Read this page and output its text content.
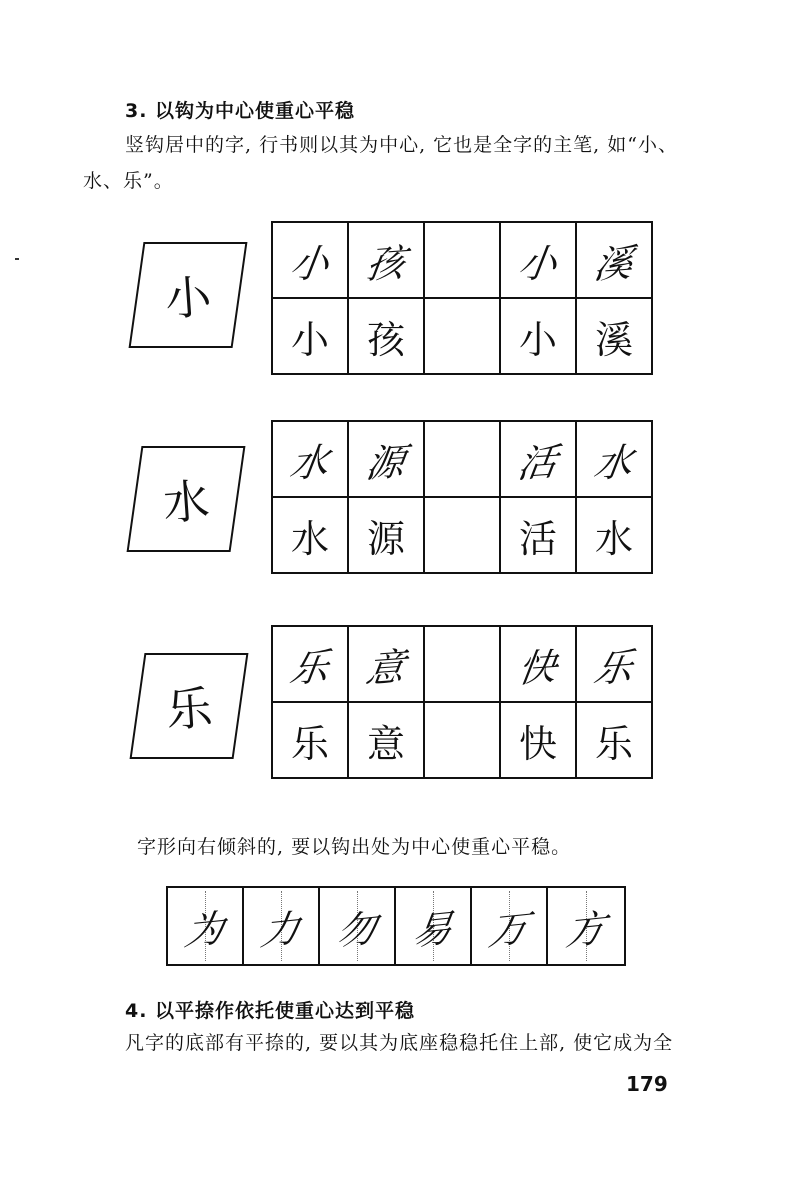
3. 以钩为中心使重心平稳
竖钩居中的字, 行书则以其为中心, 它也是全字的主笔, 如“小、
水、乐”。
小
小	孩		小	溪
小	孩		小	溪
水
水	源		活	水
水	源		活	水
乐
乐	意		快	乐
乐	意		快	乐
字形向右倾斜的, 要以钩出处为中心使重心平稳。
为 力 勿 易 万 方
4. 以平捺作依托使重心达到平稳
凡字的底部有平捺的, 要以其为底座稳稳托住上部, 使它成为全
179
